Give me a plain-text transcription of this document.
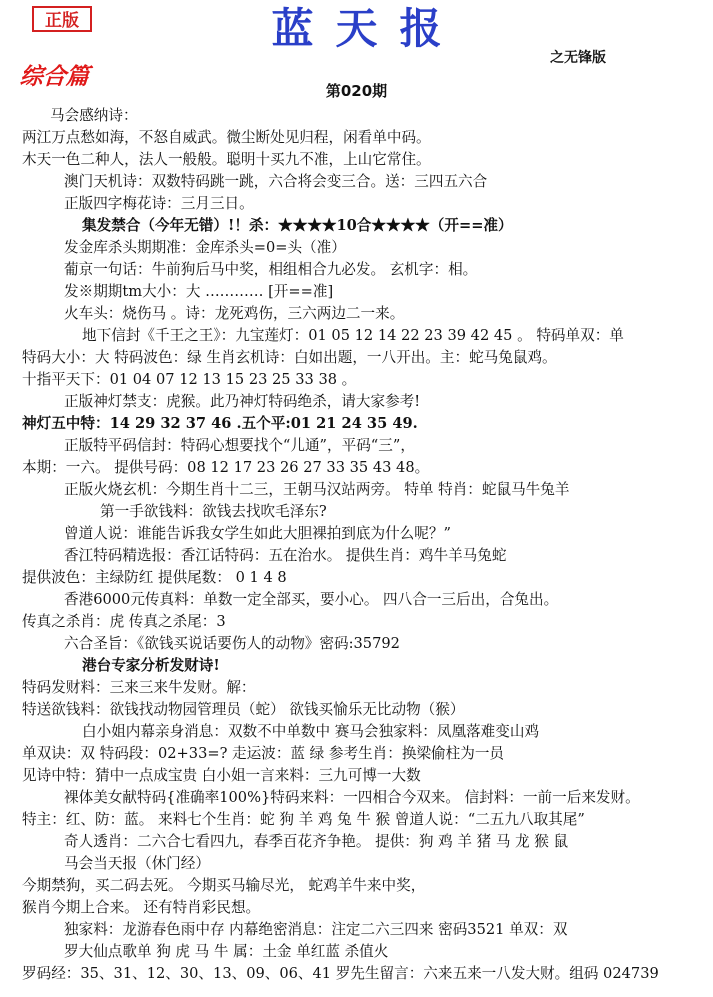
正版	蓝天报
之无锋版
综合篇
第020期
马会感纳诗：
两江万点愁如海，不怒自威武。微尘断处见归程，闲看单中码。
木天一色二种人，法人一般般。聪明十买九不准，上山它常住。
澳门天机诗：双数特码跳一跳，六合将会变三合。送：三四五六合
正版四字梅花诗：三月三日。
集发禁合（今年无错）!！杀：★★★★10合★★★★（开==准）
发金库杀头期期准：金库杀头=0=头（准）
葡京一句话：牛前狗后马中奖，相组相合九必发。 玄机字：相。
发※期期tm大小：大 ………… [开==准]
火车头：烧伤马 。诗：龙死鸡伤，三六两边二一来。
地下信封《千王之王》：九宝莲灯：01 05 12 14 22 23 39 42 45 。 特码单双：单
特码大小：大 特码波色：绿 生肖玄机诗：白如出题，一八开出。主：蛇马兔鼠鸡。
十指平天下：01 04 07 12 13 15 23 25 33 38 。
正版神灯禁支：虎猴。此乃神灯特码绝杀，请大家参考!
神灯五中特：14 29 32 37 46 .五个平:01 21 24 35 49.
正版特平码信封：特码心想要找个“儿通”，平码“三”，
本期：一六。 提供号码：08 12 17 23 26 27 33 35 43 48。
正版火烧玄机：今期生肖十二三，王朝马汉站两旁。 特单 特肖：蛇鼠马牛兔羊
第一手欲钱料：欲钱去找吹毛泽东?
曾道人说：谁能告诉我女学生如此大胆裸拍到底为什么呢？”
香江特码精选报：香江话特码：五在治水。 提供生肖：鸡牛羊马兔蛇
提供波色：主绿防红 提供尾数： 0 1 4 8
香港6000元传真料：单数一定全部买，要小心。 四八合一三后出，合兔出。
传真之杀肖：虎 传真之杀尾：3
六合圣旨：《欲钱买说话要伤人的动物》密码:35792
港台专家分析发财诗!
特码发财料：三来三来牛发财。解：
特送欲钱料：欲钱找动物园管理员（蛇） 欲钱买愉乐无比动物（猴）
白小姐内幕亲身消息：双数不中单数中 赛马会独家料：凤凰落难变山鸡
单双诀：双 特码段：02+33=? 走运波：蓝 绿 参考生肖：换梁偷柱为一员
见诗中特：猜中一点成宝贵 白小姐一言来料：三九可博一大数
裸体美女献特码{准确率100%}特码来料：一四相合今双来。 信封料：一前一后来发财。
特主：红、防：蓝。 来料七个生肖：蛇 狗 羊 鸡 兔 牛 猴 曾道人说：“二五九八取其尾”
奇人透肖：二六合七看四九，春季百花齐争艳。 提供：狗 鸡 羊 猪 马 龙 猴 鼠
马会当天报（休门经）
今期禁狗，买二码去死。 今期买马输尽光， 蛇鸡羊牛来中奖，
猴肖今期上合来。 还有特肖彩民想。
独家料：龙游春色雨中存 内幕绝密消息：注定二六三四来 密码3521 单双：双
罗大仙点歌单 狗 虎 马 牛 属：土金 单红蓝 杀值火
罗码经：35、31、12、30、13、09、06、41 罗先生留言：六来五来一八发大财。组码 024739
